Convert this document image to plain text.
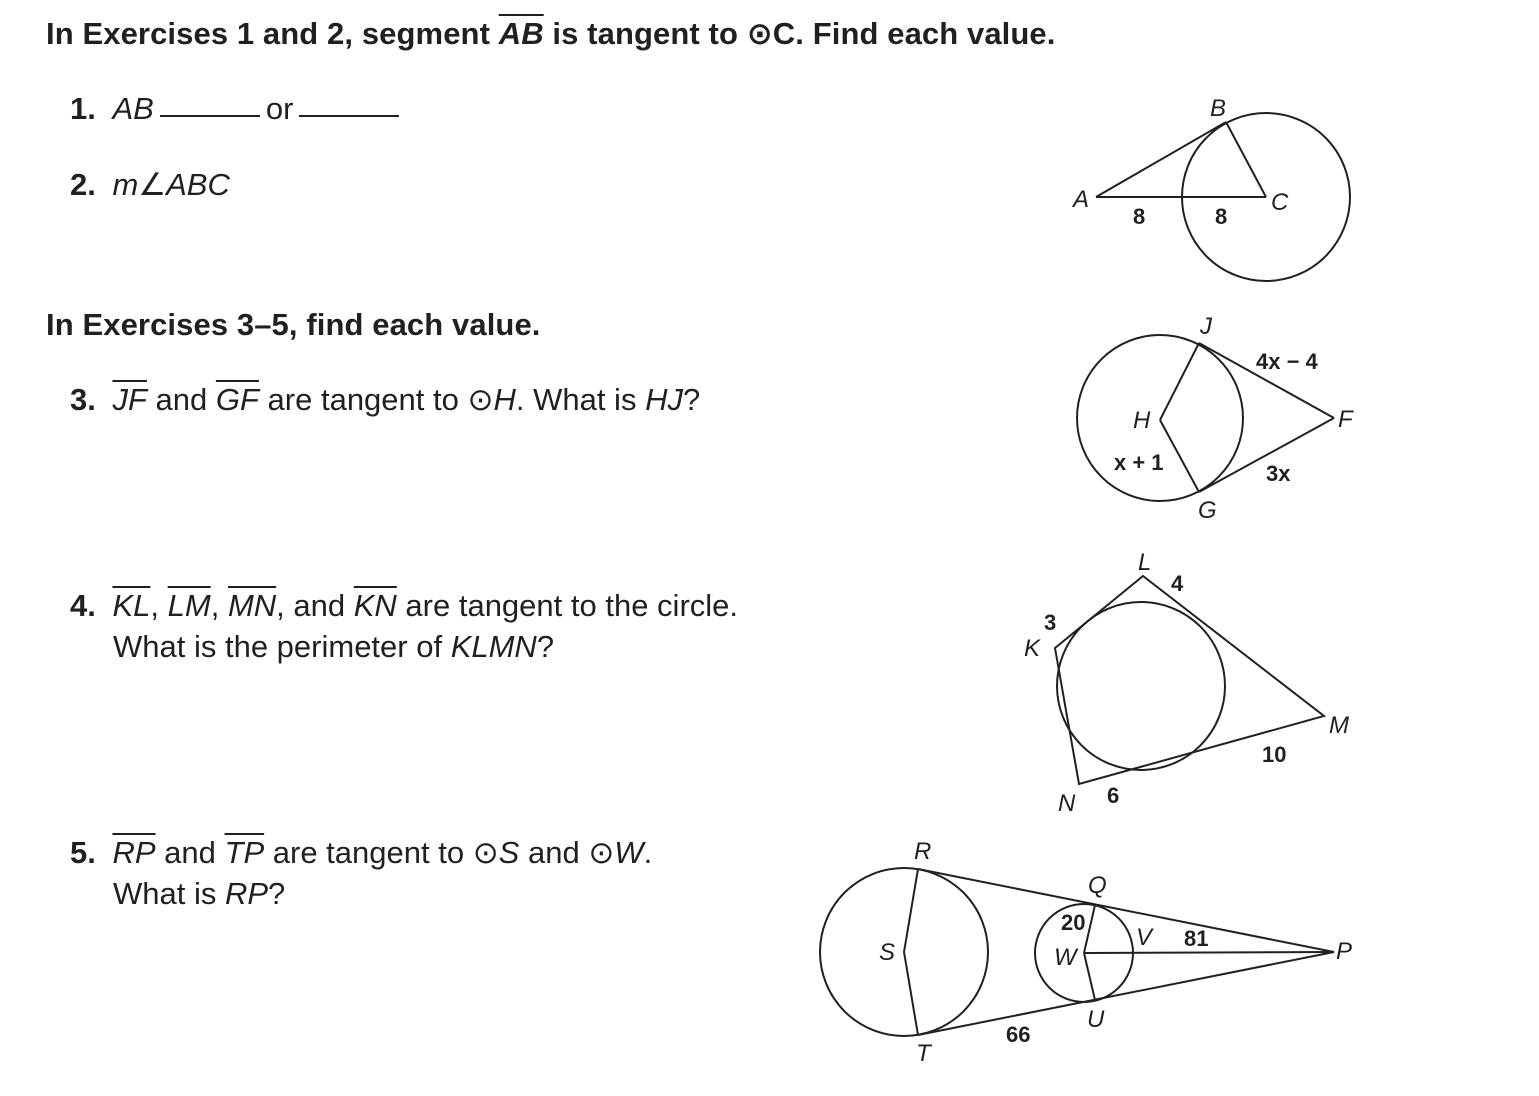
In Exercises 1 and 2, segment $\overline{AB}$ is tangent to ⊙C. Find each value.
1. AB	or
2. m∠ABC
In Exercises 3–5, find each value.
3. $\overline{JF}$ and $\overline{GF}$ are tangent to ⊙H. What is HJ?
4. $\overline{KL}$, $\overline{LM}$, $\overline{MN}$, and $\overline{KN}$ are tangent to the circle.
What is the perimeter of KLMN?
5. $\overline{RP}$ and $\overline{TP}$ are tangent to ⊙S and ⊙W.
What is RP?
A
B
C
8	8
J
F
G
H
4x − 4
3x
x + 1
L
M
N
K
3
4
10
6
R
S
T
Q
U
V
W	P
20
81
66
